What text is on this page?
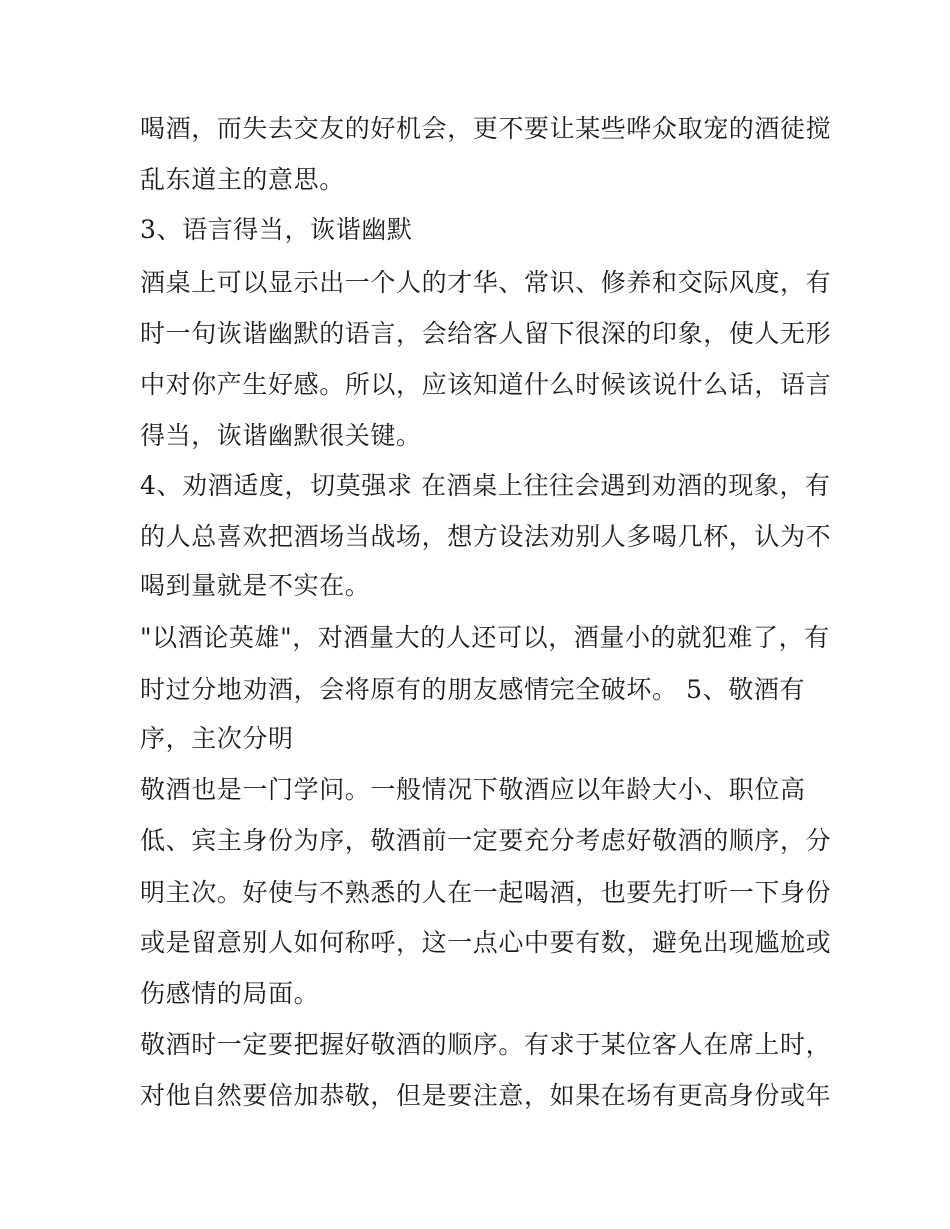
喝酒，而失去交友的好机会，更不要让某些哗众取宠的酒徒搅
乱东道主的意思。
3、语言得当，诙谐幽默
酒桌上可以显示出一个人的才华、常识、修养和交际风度，有
时一句诙谐幽默的语言，会给客人留下很深的印象，使人无形
中对你产生好感。所以，应该知道什么时候该说什么话，语言
得当，诙谐幽默很关键。
4、劝酒适度，切莫强求 在酒桌上往往会遇到劝酒的现象，有
的人总喜欢把酒场当战场，想方设法劝别人多喝几杯，认为不
喝到量就是不实在。
"以酒论英雄"，对酒量大的人还可以，酒量小的就犯难了，有
时过分地劝酒，会将原有的朋友感情完全破坏。 5、敬酒有
序，主次分明
敬酒也是一门学问。一般情况下敬酒应以年龄大小、职位高
低、宾主身份为序，敬酒前一定要充分考虑好敬酒的顺序，分
明主次。好使与不熟悉的人在一起喝酒，也要先打听一下身份
或是留意别人如何称呼，这一点心中要有数，避免出现尴尬或
伤感情的局面。
敬酒时一定要把握好敬酒的顺序。有求于某位客人在席上时，
对他自然要倍加恭敬，但是要注意，如果在场有更高身份或年
